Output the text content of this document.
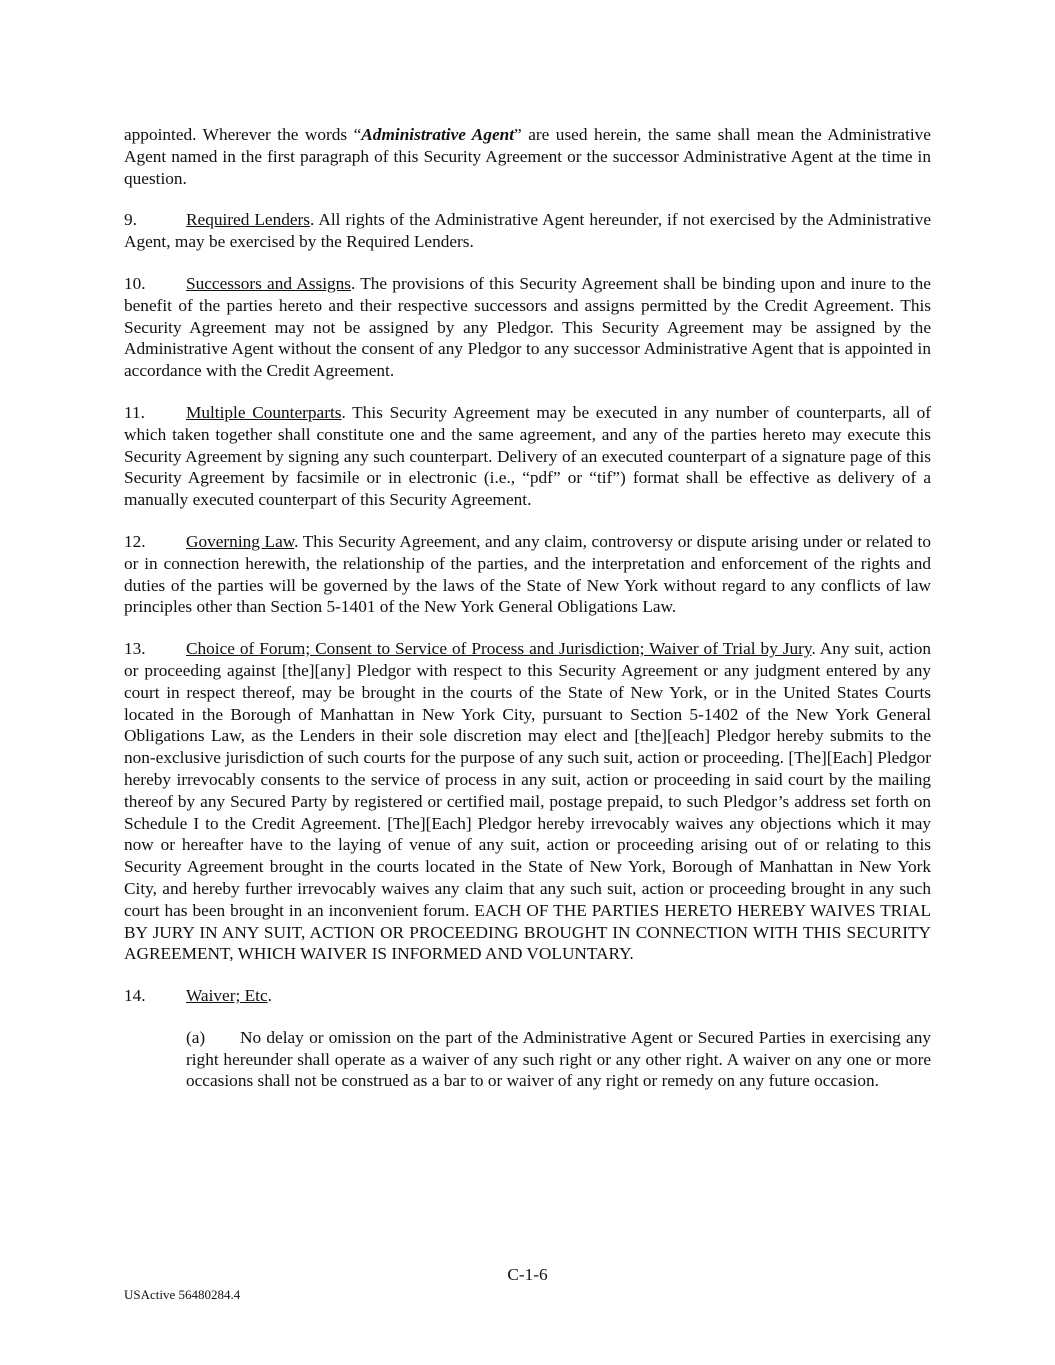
appointed. Wherever the words “Administrative Agent” are used herein, the same shall mean the Administrative Agent named in the first paragraph of this Security Agreement or the successor Administrative Agent at the time in question.

9.	Required Lenders. All rights of the Administrative Agent hereunder, if not exercised by the Administrative Agent, may be exercised by the Required Lenders.

10. Successors and Assigns. The provisions of this Security Agreement shall be binding upon and inure to the benefit of the parties hereto and their respective successors and assigns permitted by the Credit Agreement. This Security Agreement may not be assigned by any Pledgor. This Security Agreement may be assigned by the Administrative Agent without the consent of any Pledgor to any successor Administrative Agent that is appointed in accordance with the Credit Agreement.

11. Multiple Counterparts. This Security Agreement may be executed in any number of counterparts, all of which taken together shall constitute one and the same agreement, and any of the parties hereto may execute this Security Agreement by signing any such counterpart. Delivery of an executed counterpart of a signature page of this Security Agreement by facsimile or in electronic (i.e., “pdf” or “tif”) format shall be effective as delivery of a manually executed counterpart of this Security Agreement.

12. Governing Law. This Security Agreement, and any claim, controversy or dispute arising under or related to or in connection herewith, the relationship of the parties, and the interpretation and enforcement of the rights and duties of the parties will be governed by the laws of the State of New York without regard to any conflicts of law principles other than Section 5-1401 of the New York General Obligations Law.

13. Choice of Forum; Consent to Service of Process and Jurisdiction; Waiver of Trial by Jury. Any suit, action or proceeding against [the][any] Pledgor with respect to this Security Agreement or any judgment entered by any court in respect thereof, may be brought in the courts of the State of New York, or in the United States Courts located in the Borough of Manhattan in New York City, pursuant to Section 5-1402 of the New York General Obligations Law, as the Lenders in their sole discretion may elect and [the][each] Pledgor hereby submits to the non-exclusive jurisdiction of such courts for the purpose of any such suit, action or proceeding. [The][Each] Pledgor hereby irrevocably consents to the service of process in any suit, action or proceeding in said court by the mailing thereof by any Secured Party by registered or certified mail, postage prepaid, to such Pledgor’s address set forth on Schedule I to the Credit Agreement. [The][Each] Pledgor hereby irrevocably waives any objections which it may now or hereafter have to the laying of venue of any suit, action or proceeding arising out of or relating to this Security Agreement brought in the courts located in the State of New York, Borough of Manhattan in New York City, and hereby further irrevocably waives any claim that any such suit, action or proceeding brought in any such court has been brought in an inconvenient forum. EACH OF THE PARTIES HERETO HEREBY WAIVES TRIAL BY JURY IN ANY SUIT, ACTION OR PROCEEDING BROUGHT IN CONNECTION WITH THIS SECURITY AGREEMENT, WHICH WAIVER IS INFORMED AND VOLUNTARY.

14. Waiver; Etc.

(a) No delay or omission on the part of the Administrative Agent or Secured Parties in exercising any right hereunder shall operate as a waiver of any such right or any other right. A waiver on any one or more occasions shall not be construed as a bar to or waiver of any right or remedy on any future occasion.

C-1-6
USActive 56480284.4
